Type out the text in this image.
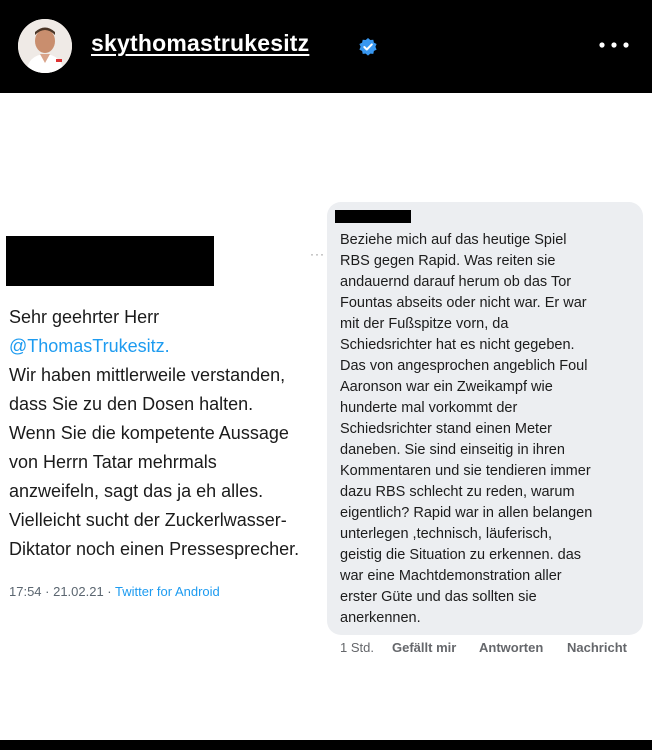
skythomastrukesitz
···
Sehr geehrter Herr
@ThomasTrukesitz.
Wir haben mittlerweile verstanden,
dass Sie zu den Dosen halten.
Wenn Sie die kompetente Aussage
von Herrn Tatar mehrmals
anzweifeln, sagt das ja eh alles.
Vielleicht sucht der Zuckerlwasser-
Diktator noch einen Pressesprecher.
17:54 · 21.02.21 · Twitter for Android
Beziehe mich auf das heutige Spiel
RBS gegen Rapid. Was reiten sie
andauernd darauf herum ob das Tor
Fountas abseits oder nicht war. Er war
mit der Fußspitze vorn, da
Schiedsrichter hat es nicht gegeben.
Das von angesprochen angeblich Foul
Aaronson war ein Zweikampf wie
hunderte mal vorkommt der
Schiedsrichter stand einen Meter
daneben. Sie sind einseitig in ihren
Kommentaren und sie tendieren immer
dazu RBS schlecht zu reden, warum
eigentlich? Rapid war in allen belangen
unterlegen ,technisch, läuferisch,
geistig die Situation zu erkennen. das
war eine Machtdemonstration aller
erster Güte und das sollten sie
anerkennen.
1 Std. Gefällt mir Antworten Nachricht
